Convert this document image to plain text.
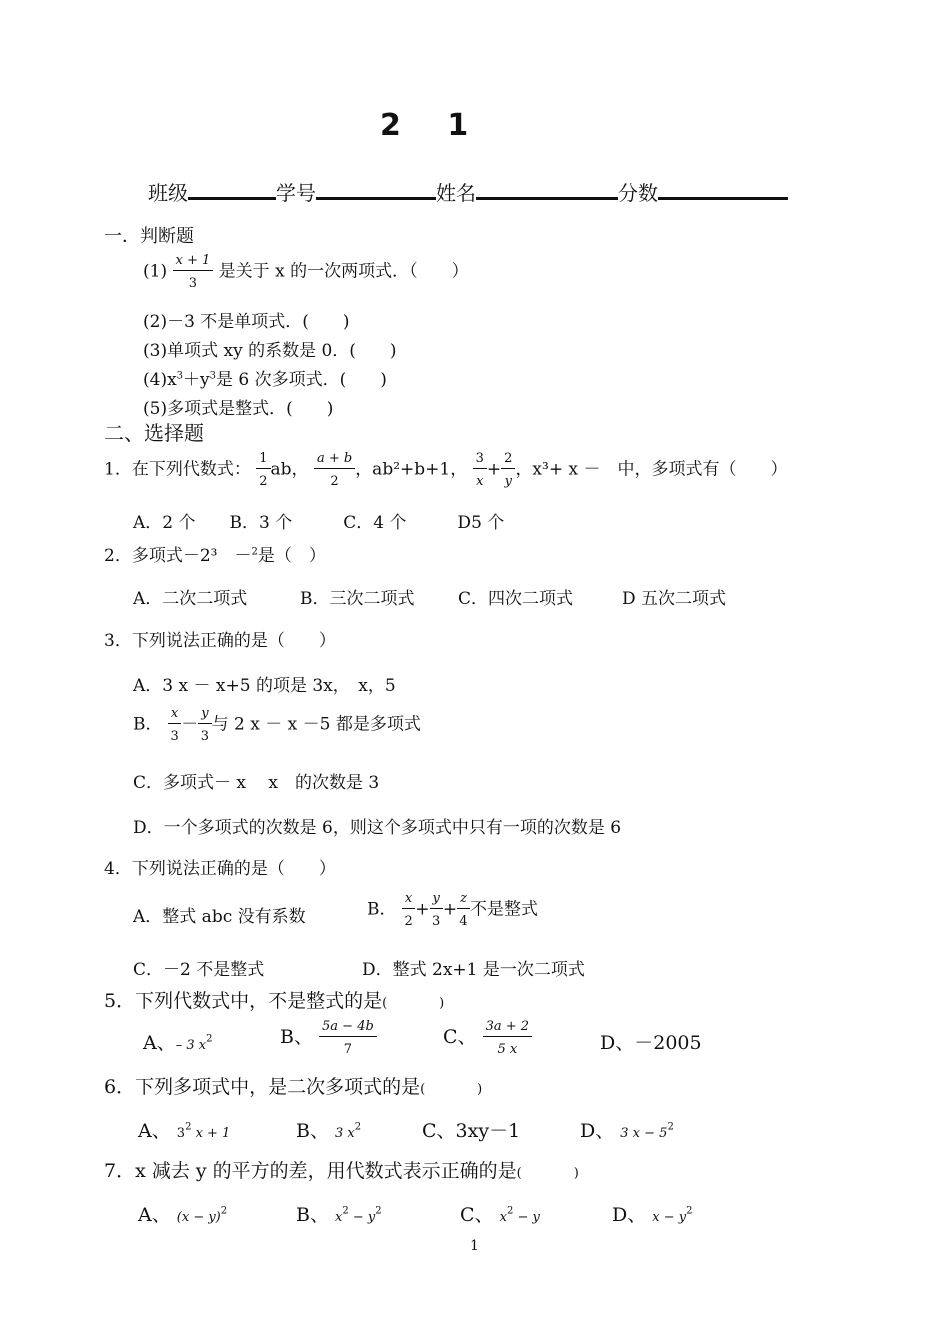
2　 1　　　
班级	学号	姓名	分数
一．判断题
$(1) \frac{x + 1}{3}$ 是关于 x 的一次两项式．（　　）
(2)－3 不是单项式．(　　)
(3)单项式 xy 的系数是 0．(　　)
$(4)x^3+y^3$是 6 次多项式．(　　)
(5)多项式是整式．(　　)
二、选择题
1．在下列代数式： $\frac{1}{2}$ ab， $\frac{a + b}{2}$ ，ab²+b+1， $\frac{3}{x} + \frac{2}{y}$ ，x³+ x －　中，多项式有（　　）
A．2 个　　B．3 个　　　C．4 个　　　D5 个
2．多项式－2³　－$^2$是（　）
A．二次二项式	B．三次二项式	C．四次二项式	D 五次二项式
3．下列说法正确的是（　　）
A．3 x － x+5 的项是 3x，　x，5
B． $\frac{x}{3} - \frac{y}{3}$ 与 2 x － x －5 都是多项式
C．多项式－ x　 x　的次数是 3
D．一个多项式的次数是 6，则这个多项式中只有一项的次数是 6
4．下列说法正确的是（　　）
A．整式 abc 没有系数	B． $\frac{x}{2} + \frac{y}{3} + \frac{z}{4}$ 不是整式
C．－2 不是整式	D．整式 2x+1 是一次二项式
5．下列代数式中，不是整式的是(　　　　)
A、– 3 $x^2$	B、 $\frac{5a - 4b}{7}$	C、 $\frac{3a + 2}{5 x}$	D、－2005
6．下列多项式中，是二次多项式的是(　　　　)
A、 $3^2$ x + 1	B、 3 $x^2$	C、3xy－1	D、 3 $x - 5^2$
7．x 减去 y 的平方的差，用代数式表示正确的是(　　　　)
A、 $(x - y)^2$	B、 $x^2 - y^2$	C、 $x^2 - y$	D、 $x - y^2$
1
